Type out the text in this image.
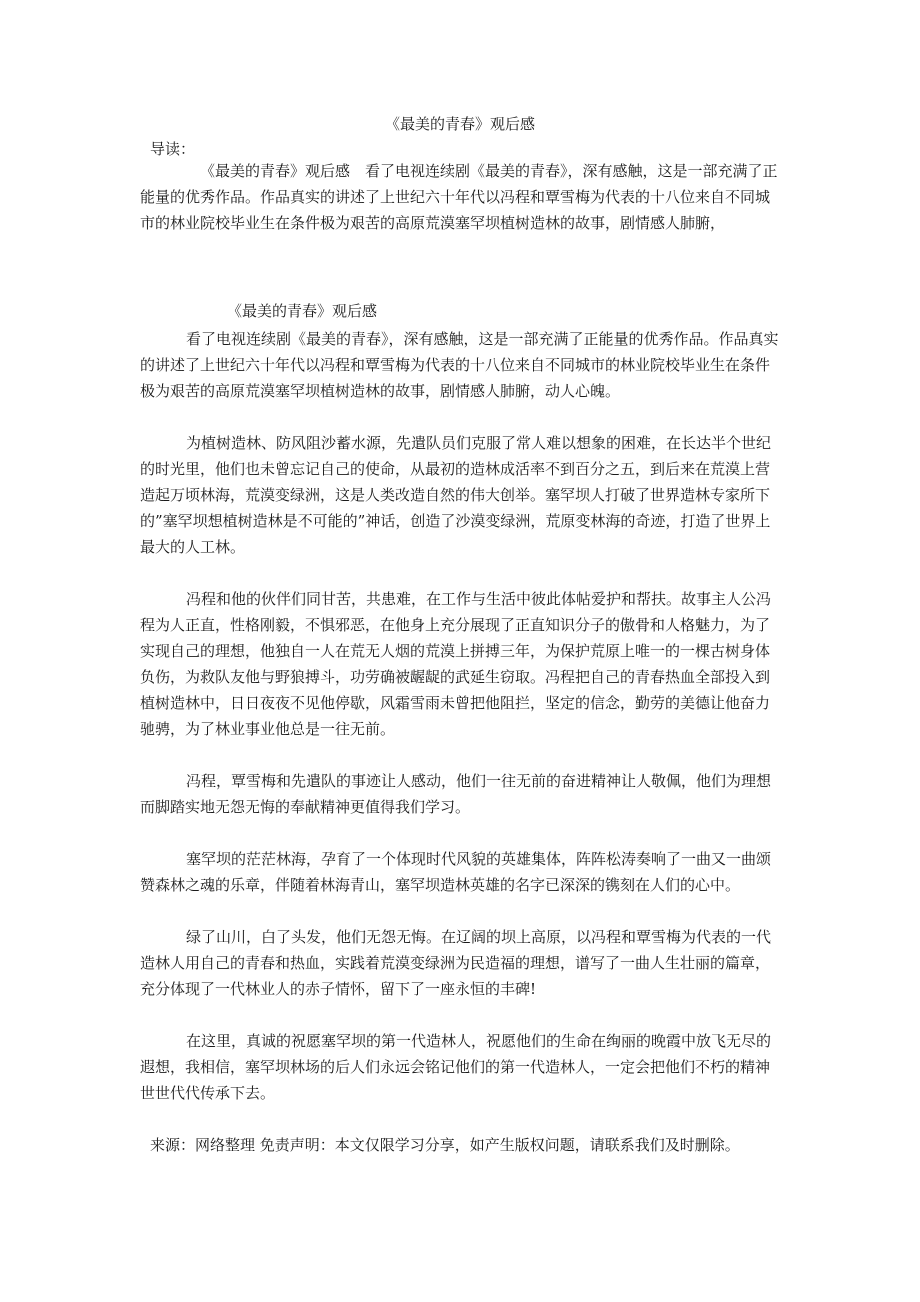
《最美的青春》观后感
导读：

《最美的青春》观后感　看了电视连续剧《最美的青春》，深有感触，这是一部充满了正能量的优秀作品。作品真实的讲述了上世纪六十年代以冯程和覃雪梅为代表的十八位来自不同城市的林业院校毕业生在条件极为艰苦的高原荒漠塞罕坝植树造林的故事，剧情感人肺腑，

《最美的青春》观后感

看了电视连续剧《最美的青春》，深有感触，这是一部充满了正能量的优秀作品。作品真实的讲述了上世纪六十年代以冯程和覃雪梅为代表的十八位来自不同城市的林业院校毕业生在条件极为艰苦的高原荒漠塞罕坝植树造林的故事，剧情感人肺腑，动人心魄。

为植树造林、防风阻沙蓄水源，先遣队员们克服了常人难以想象的困难，在长达半个世纪的时光里，他们也未曾忘记自己的使命，从最初的造林成活率不到百分之五，到后来在荒漠上营造起万顷林海，荒漠变绿洲，这是人类改造自然的伟大创举。塞罕坝人打破了世界造林专家所下的”塞罕坝想植树造林是不可能的”神话，创造了沙漠变绿洲，荒原变林海的奇迹，打造了世界上最大的人工林。

冯程和他的伙伴们同甘苦，共患难，在工作与生活中彼此体帖爱护和帮扶。故事主人公冯程为人正直，性格刚毅，不惧邪恶，在他身上充分展现了正直知识分子的傲骨和人格魅力，为了实现自己的理想，他独自一人在荒无人烟的荒漠上拼搏三年，为保护荒原上唯一的一棵古树身体负伤，为救队友他与野狼搏斗，功劳确被龌龊的武延生窃取。冯程把自己的青春热血全部投入到植树造林中，日日夜夜不见他停歇，风霜雪雨未曾把他阻拦，坚定的信念，勤劳的美德让他奋力驰骋，为了林业事业他总是一往无前。

冯程，覃雪梅和先遣队的事迹让人感动，他们一往无前的奋进精神让人敬佩，他们为理想而脚踏实地无怨无悔的奉献精神更值得我们学习。

塞罕坝的茫茫林海，孕育了一个体现时代风貌的英雄集体，阵阵松涛奏响了一曲又一曲颂赞森林之魂的乐章，伴随着林海青山，塞罕坝造林英雄的名字已深深的镌刻在人们的心中。

绿了山川，白了头发，他们无怨无悔。在辽阔的坝上高原，以冯程和覃雪梅为代表的一代造林人用自己的青春和热血，实践着荒漠变绿洲为民造福的理想，谱写了一曲人生壮丽的篇章，充分体现了一代林业人的赤子情怀，留下了一座永恒的丰碑!

在这里，真诚的祝愿塞罕坝的第一代造林人，祝愿他们的生命在绚丽的晚霞中放飞无尽的遐想，我相信，塞罕坝林场的后人们永远会铭记他们的第一代造林人，一定会把他们不朽的精神世世代代传承下去。

来源：网络整理 免责声明：本文仅限学习分享，如产生版权问题，请联系我们及时删除。
